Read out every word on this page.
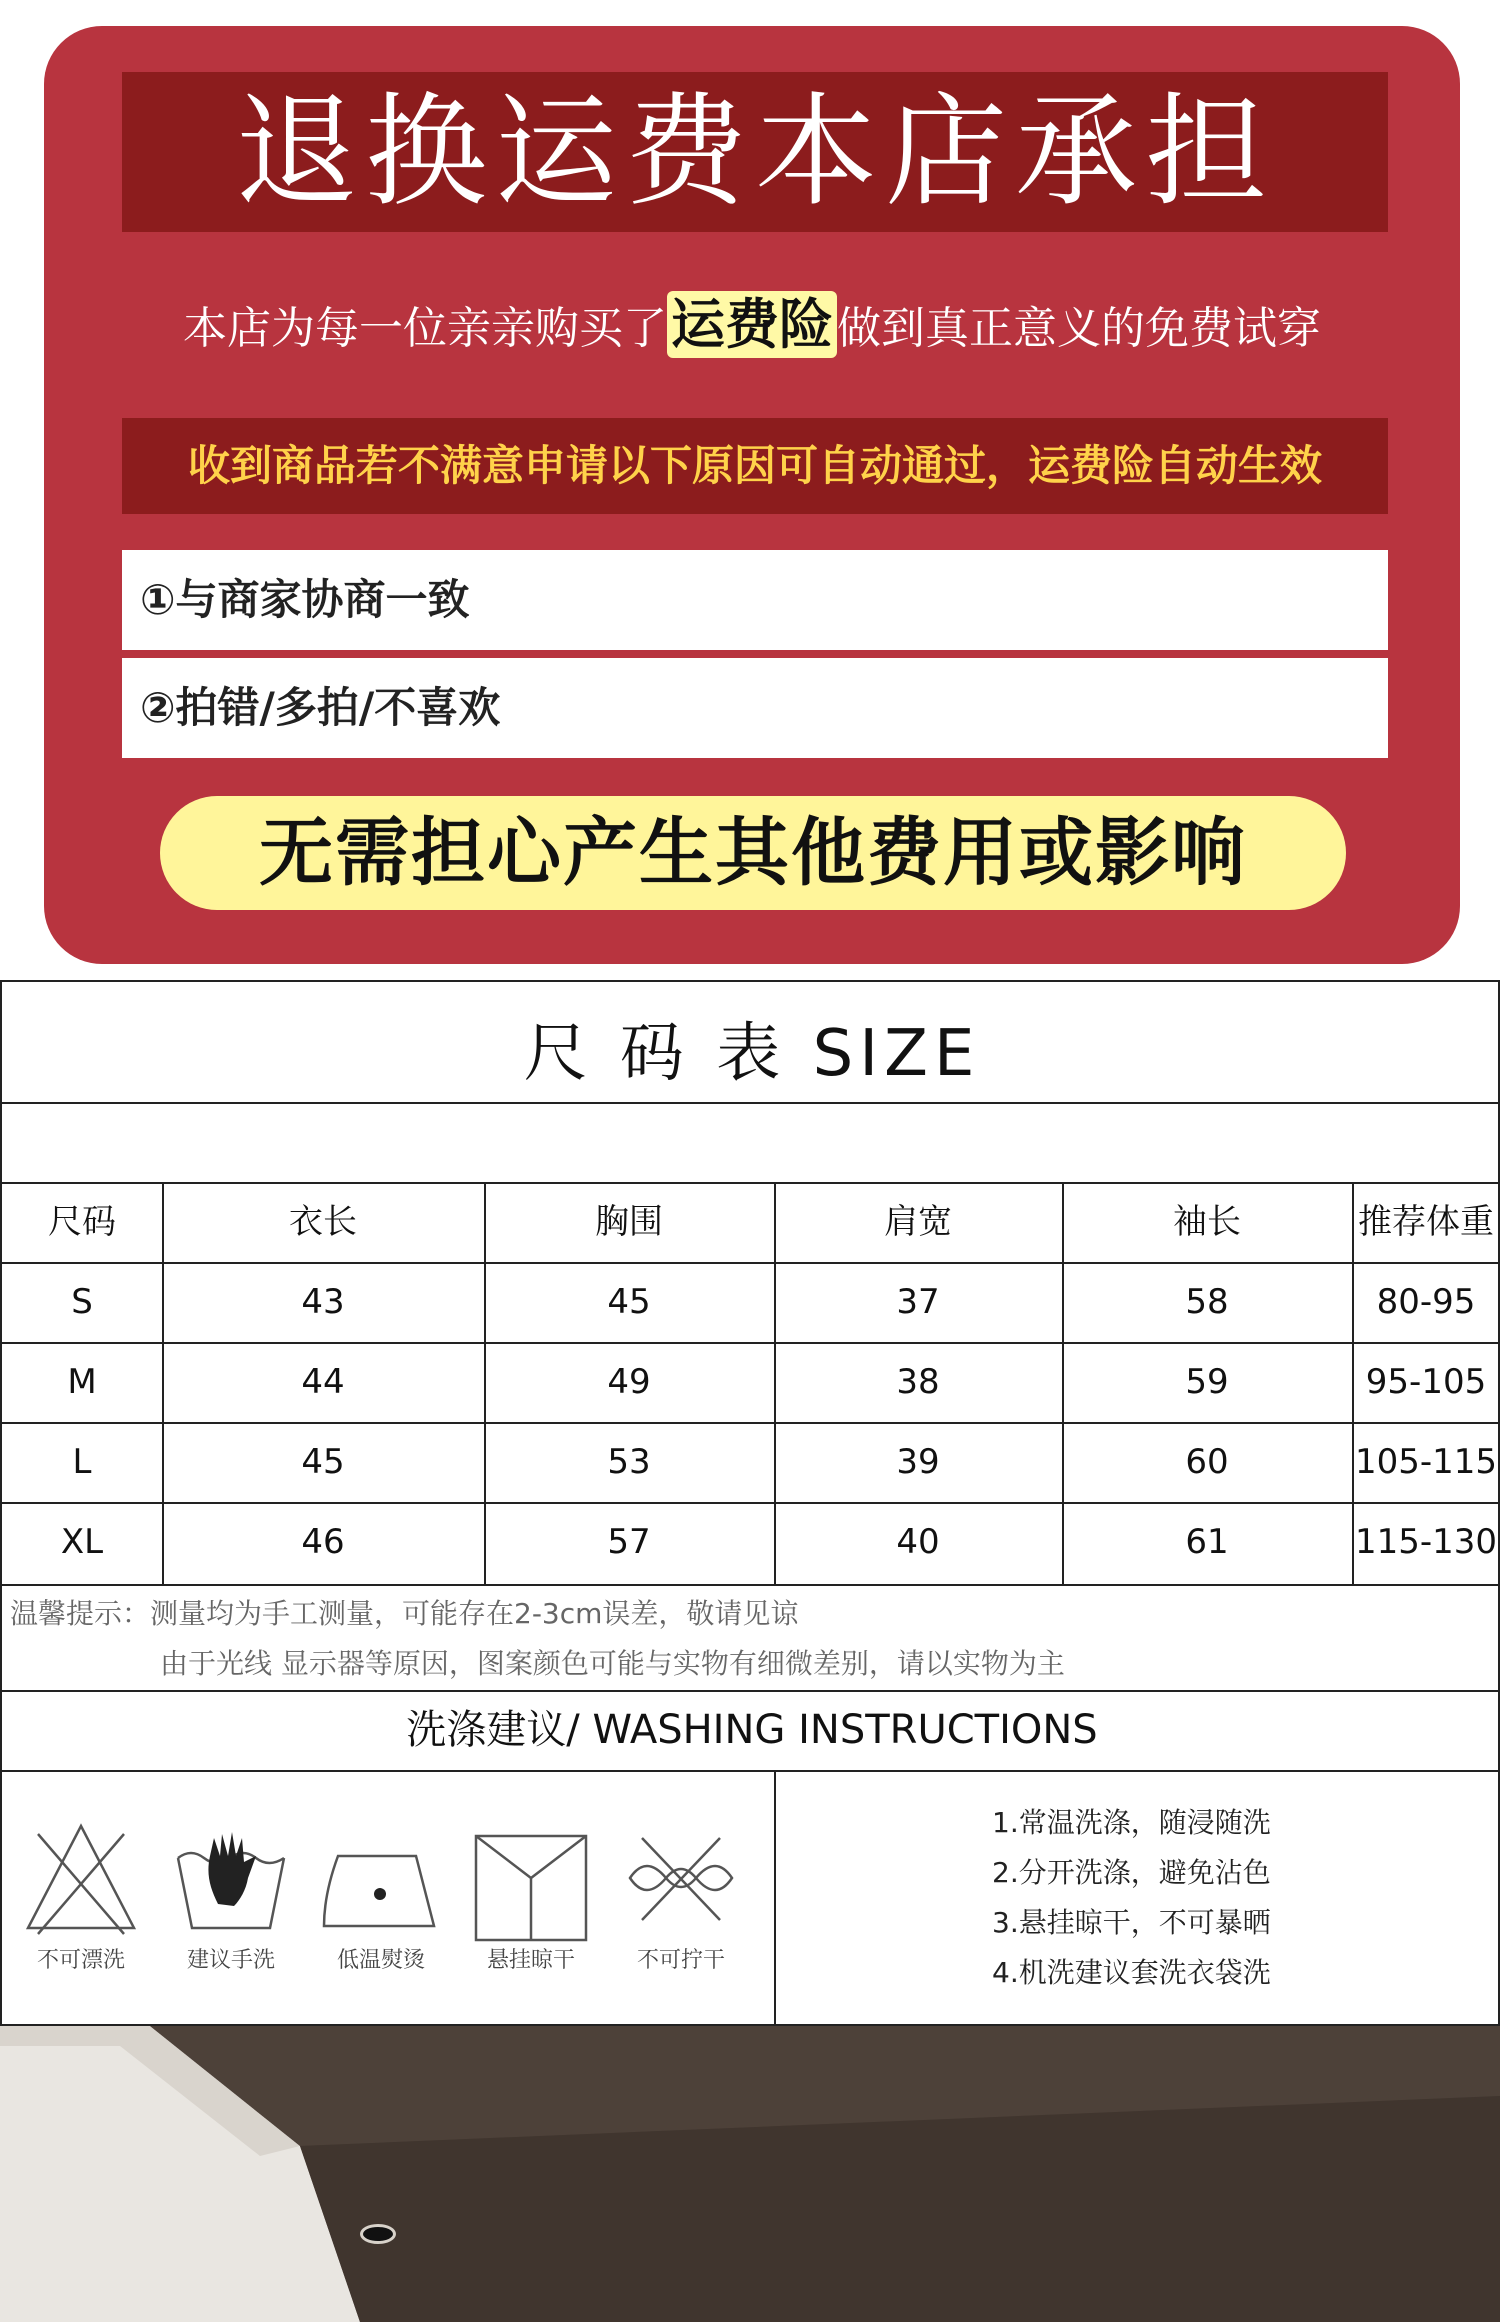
退换运费本店承担
本店为每一位亲亲购买了运费险做到真正意义的免费试穿
收到商品若不满意申请以下原因可自动通过，运费险自动生效
①与商家协商一致
②拍错/多拍/不喜欢
无需担心产生其他费用或影响
尺 码 表 SIZE
尺码	衣长	胸围	肩宽	袖长	推荐体重
S	43	45	37	58	80-95
M	44	49	38	59	95-105
L	45	53	39	60	105-115
XL	46	57	40	61	115-130
温馨提示：测量均为手工测量，可能存在2-3cm误差，敬请见谅
由于光线 显示器等原因，图案颜色可能与实物有细微差别，请以实物为主
洗涤建议/ WASHING INSTRUCTIONS
不可漂洗	建议手洗	低温熨烫	悬挂晾干	不可拧干
1.常温洗涤，随浸随洗
2.分开洗涤，避免沾色
3.悬挂晾干，不可暴晒
4.机洗建议套洗衣袋洗
